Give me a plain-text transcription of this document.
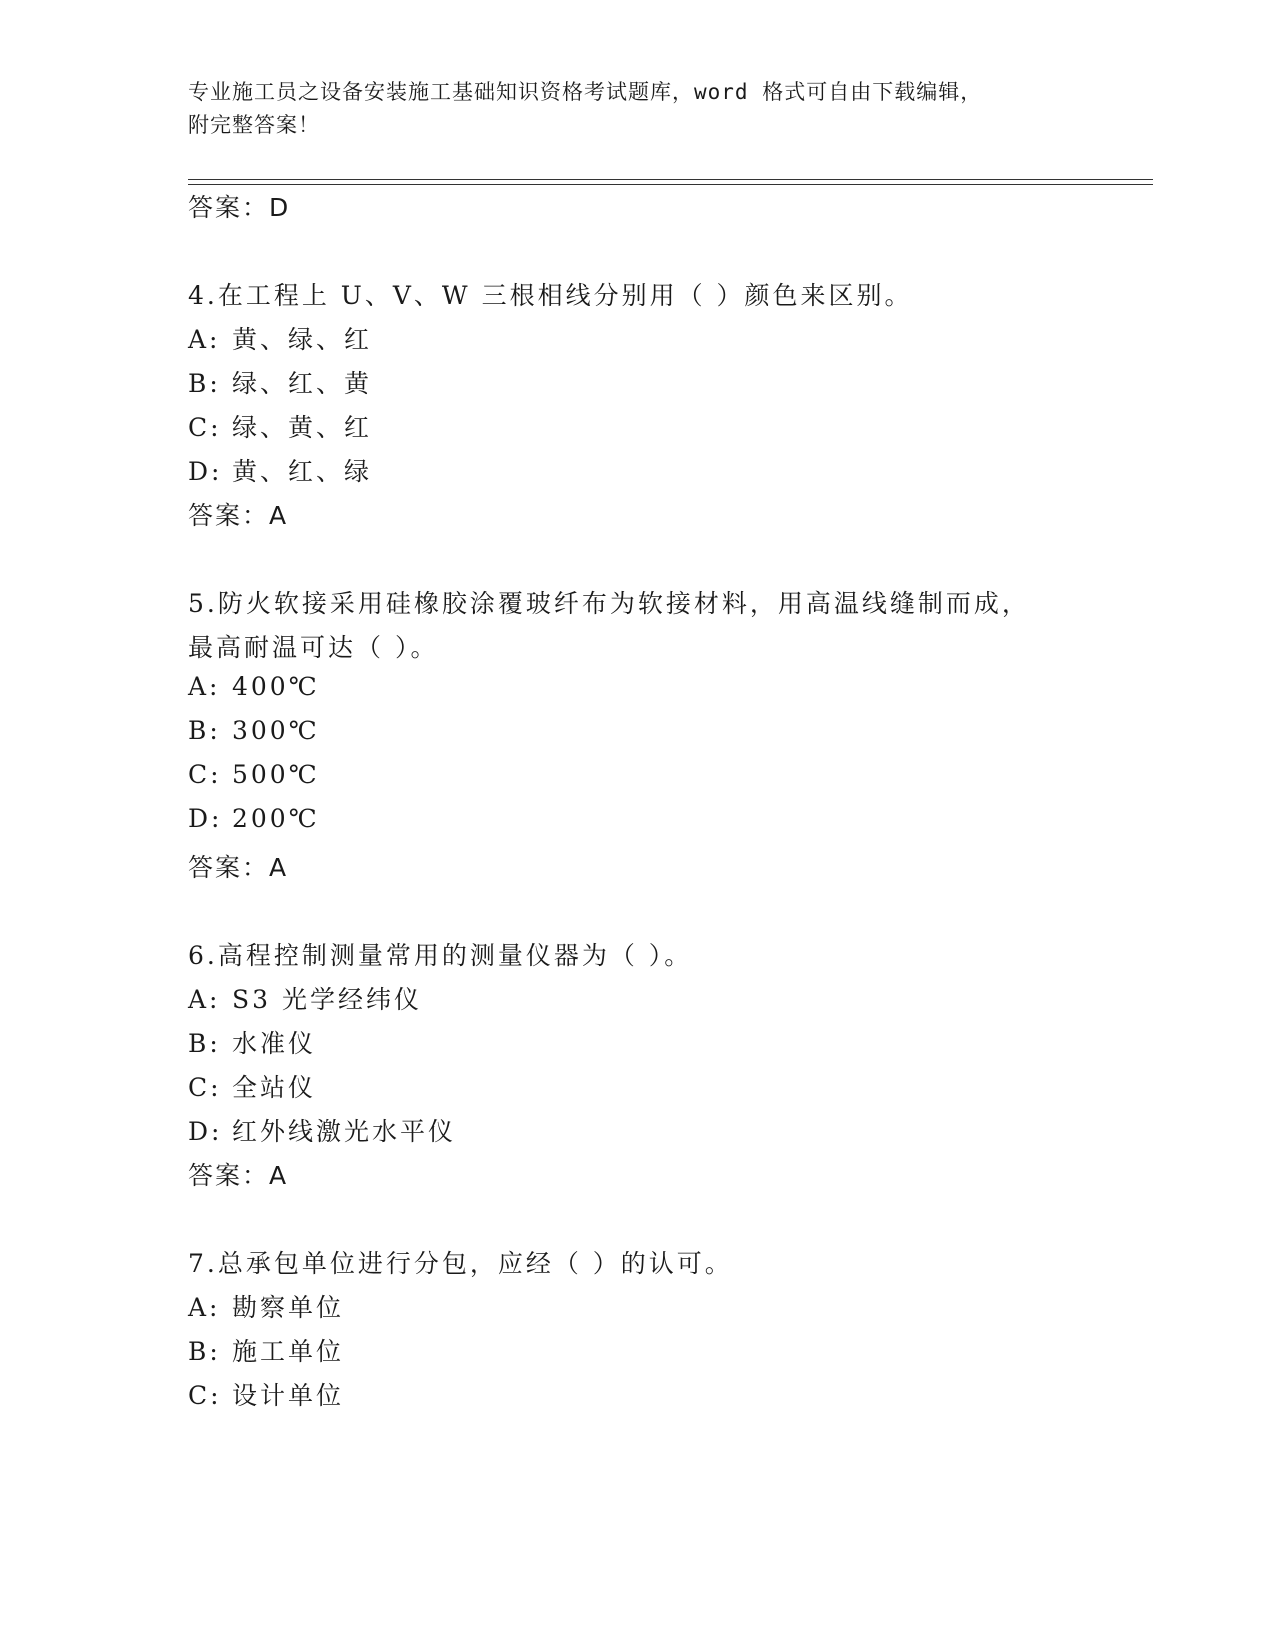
专业施工员之设备安装施工基础知识资格考试题库，word 格式可自由下载编辑，
附完整答案！
答案：D
4.在工程上 U、V、W 三根相线分别用（ ）颜色来区别。
A: 黄、绿、红
B: 绿、红、黄
C: 绿、黄、红
D: 黄、红、绿
答案：A
5.防火软接采用硅橡胶涂覆玻纤布为软接材料，用高温线缝制而成，
最高耐温可达（ ）。
A: 400℃
B: 300℃
C: 500℃
D: 200℃
答案：A
6.高程控制测量常用的测量仪器为（ ）。
A: S3 光学经纬仪
B: 水准仪
C: 全站仪
D: 红外线激光水平仪
答案：A
7.总承包单位进行分包，应经（ ）的认可。
A: 勘察单位
B: 施工单位
C: 设计单位
